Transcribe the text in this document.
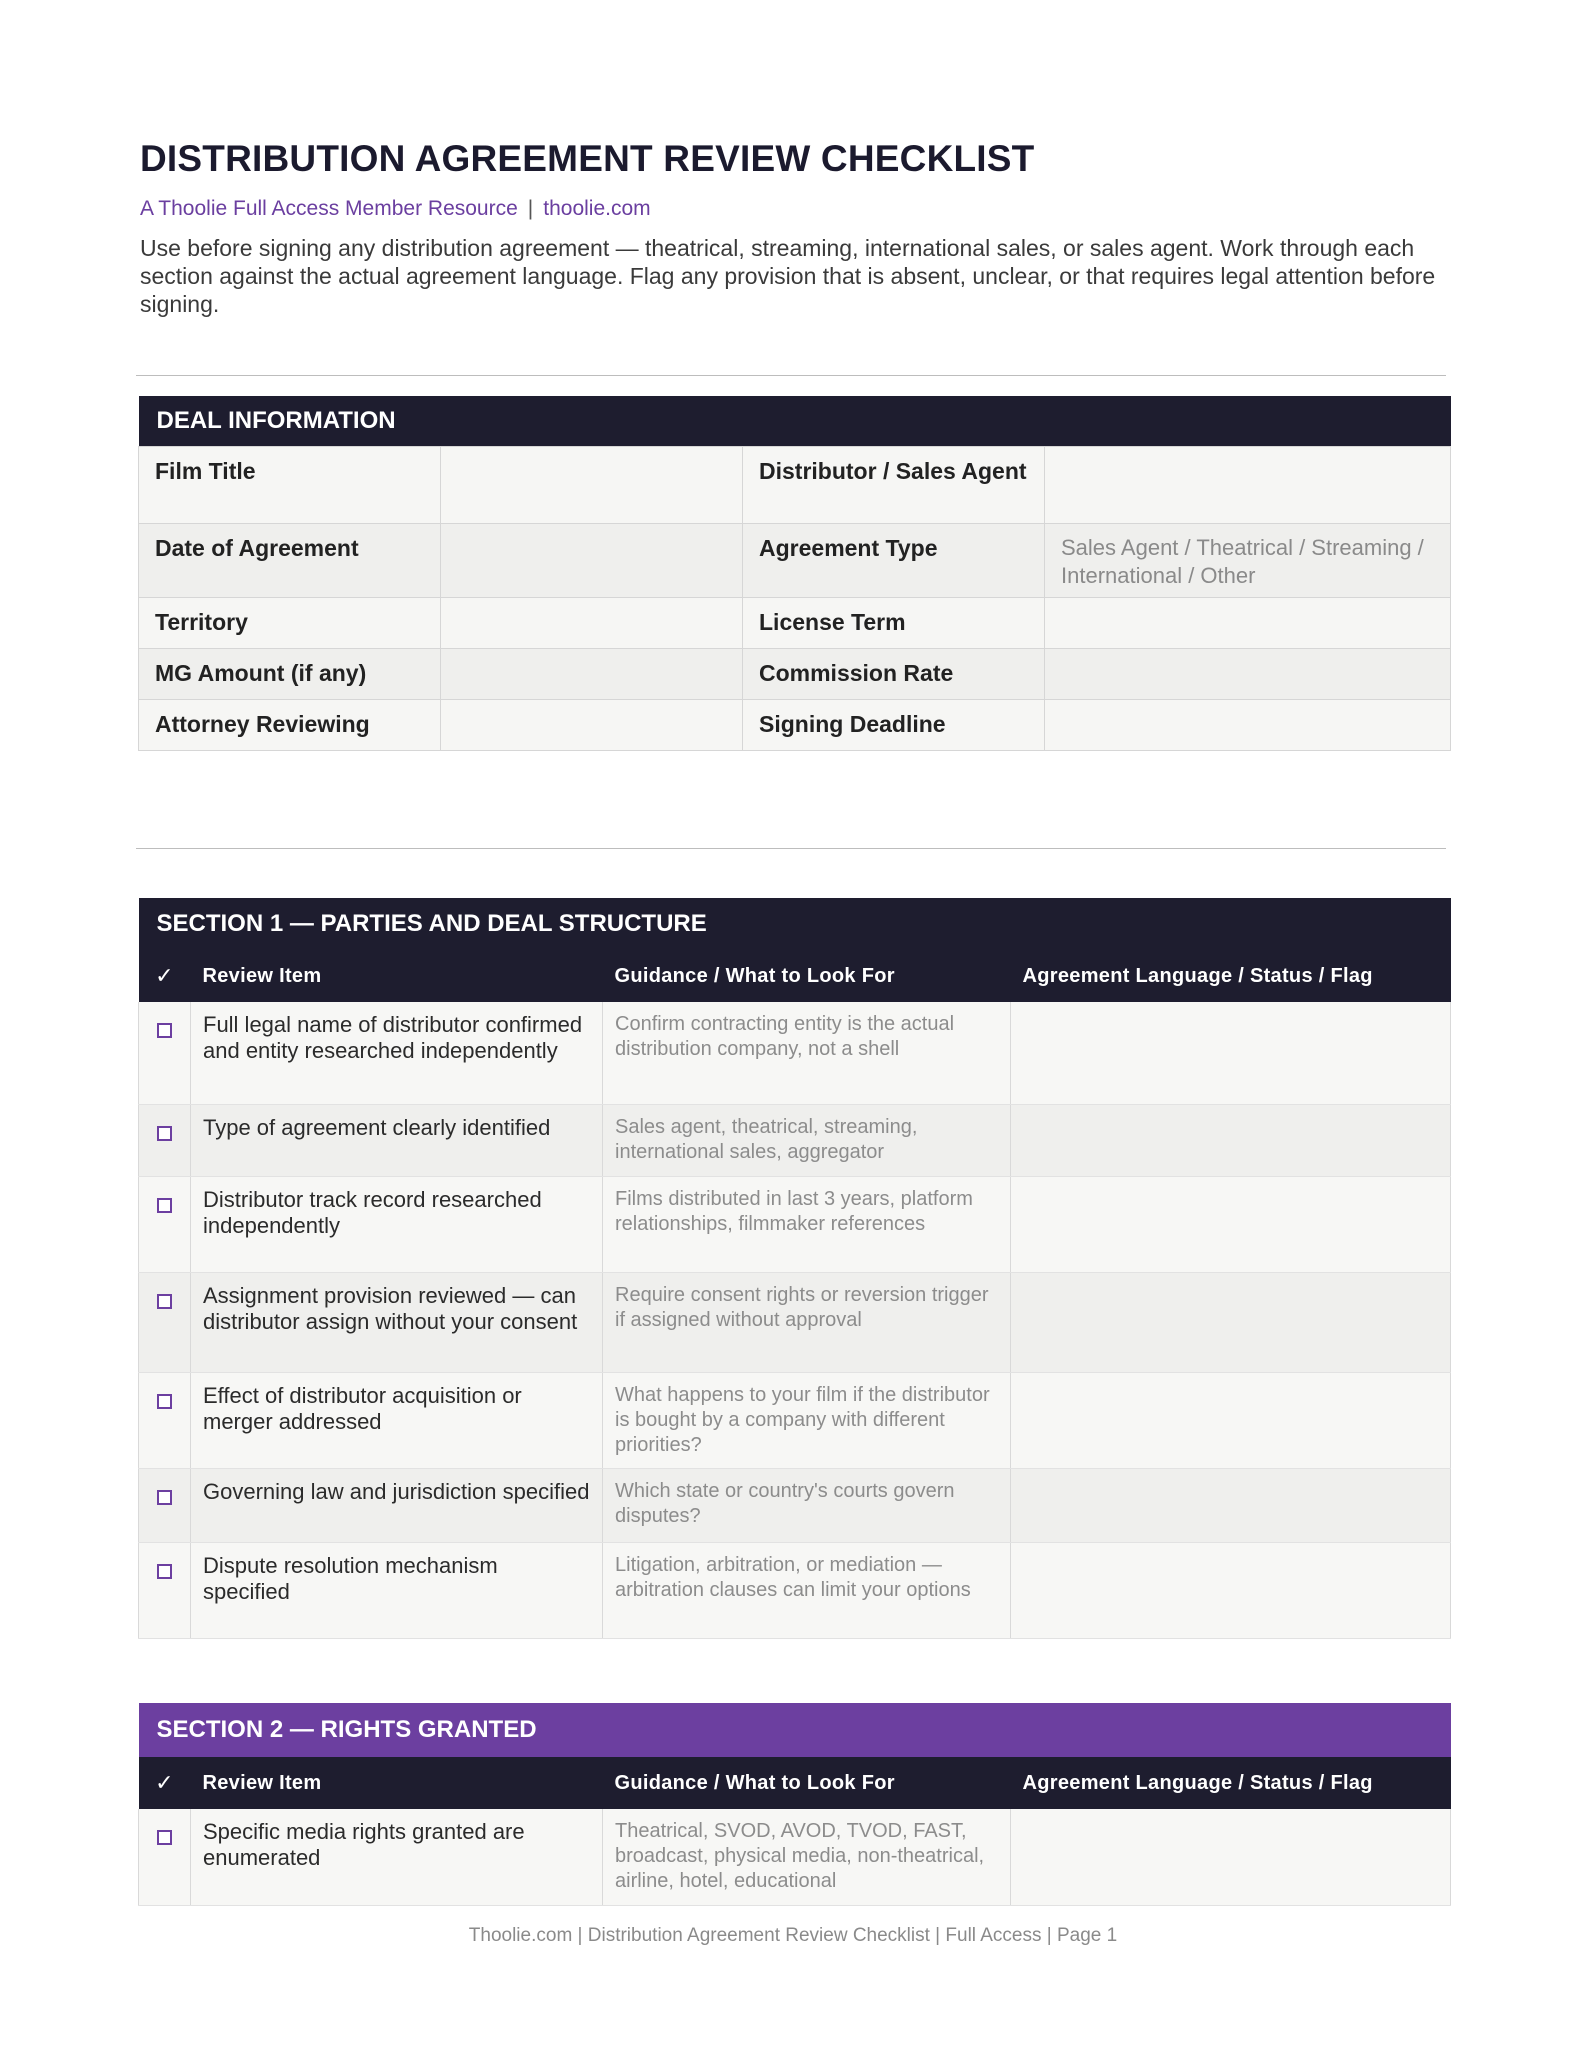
DISTRIBUTION AGREEMENT REVIEW CHECKLIST
A Thoolie Full Access Member Resource | thoolie.com
Use before signing any distribution agreement — theatrical, streaming, international sales, or sales agent. Work through each section against the actual agreement language. Flag any provision that is absent, unclear, or that requires legal attention before signing.
DEAL INFORMATION			
Film Title		Distributor / Sales Agent	
Date of Agreement		Agreement Type	Sales Agent / Theatrical / Streaming / International / Other
Territory		License Term	
MG Amount (if any)		Commission Rate	
Attorney Reviewing		Signing Deadline	
SECTION 1 — PARTIES AND DEAL STRUCTURE			
✓	Review Item	Guidance / What to Look For	Agreement Language / Status / Flag
	Full legal name of distributor confirmed and entity researched independently	Confirm contracting entity is the actual distribution company, not a shell	
	Type of agreement clearly identified	Sales agent, theatrical, streaming, international sales, aggregator	
	Distributor track record researched independently	Films distributed in last 3 years, platform relationships, filmmaker references	
	Assignment provision reviewed — can distributor assign without your consent	Require consent rights or reversion trigger if assigned without approval	
	Effect of distributor acquisition or merger addressed	What happens to your film if the distributor is bought by a company with different priorities?	
	Governing law and jurisdiction specified	Which state or country's courts govern disputes?	
	Dispute resolution mechanism specified	Litigation, arbitration, or mediation — arbitration clauses can limit your options	
SECTION 2 — RIGHTS GRANTED			
✓	Review Item	Guidance / What to Look For	Agreement Language / Status / Flag
	Specific media rights granted are enumerated	Theatrical, SVOD, AVOD, TVOD, FAST, broadcast, physical media, non-theatrical, airline, hotel, educational	
Thoolie.com | Distribution Agreement Review Checklist | Full Access | Page 1
